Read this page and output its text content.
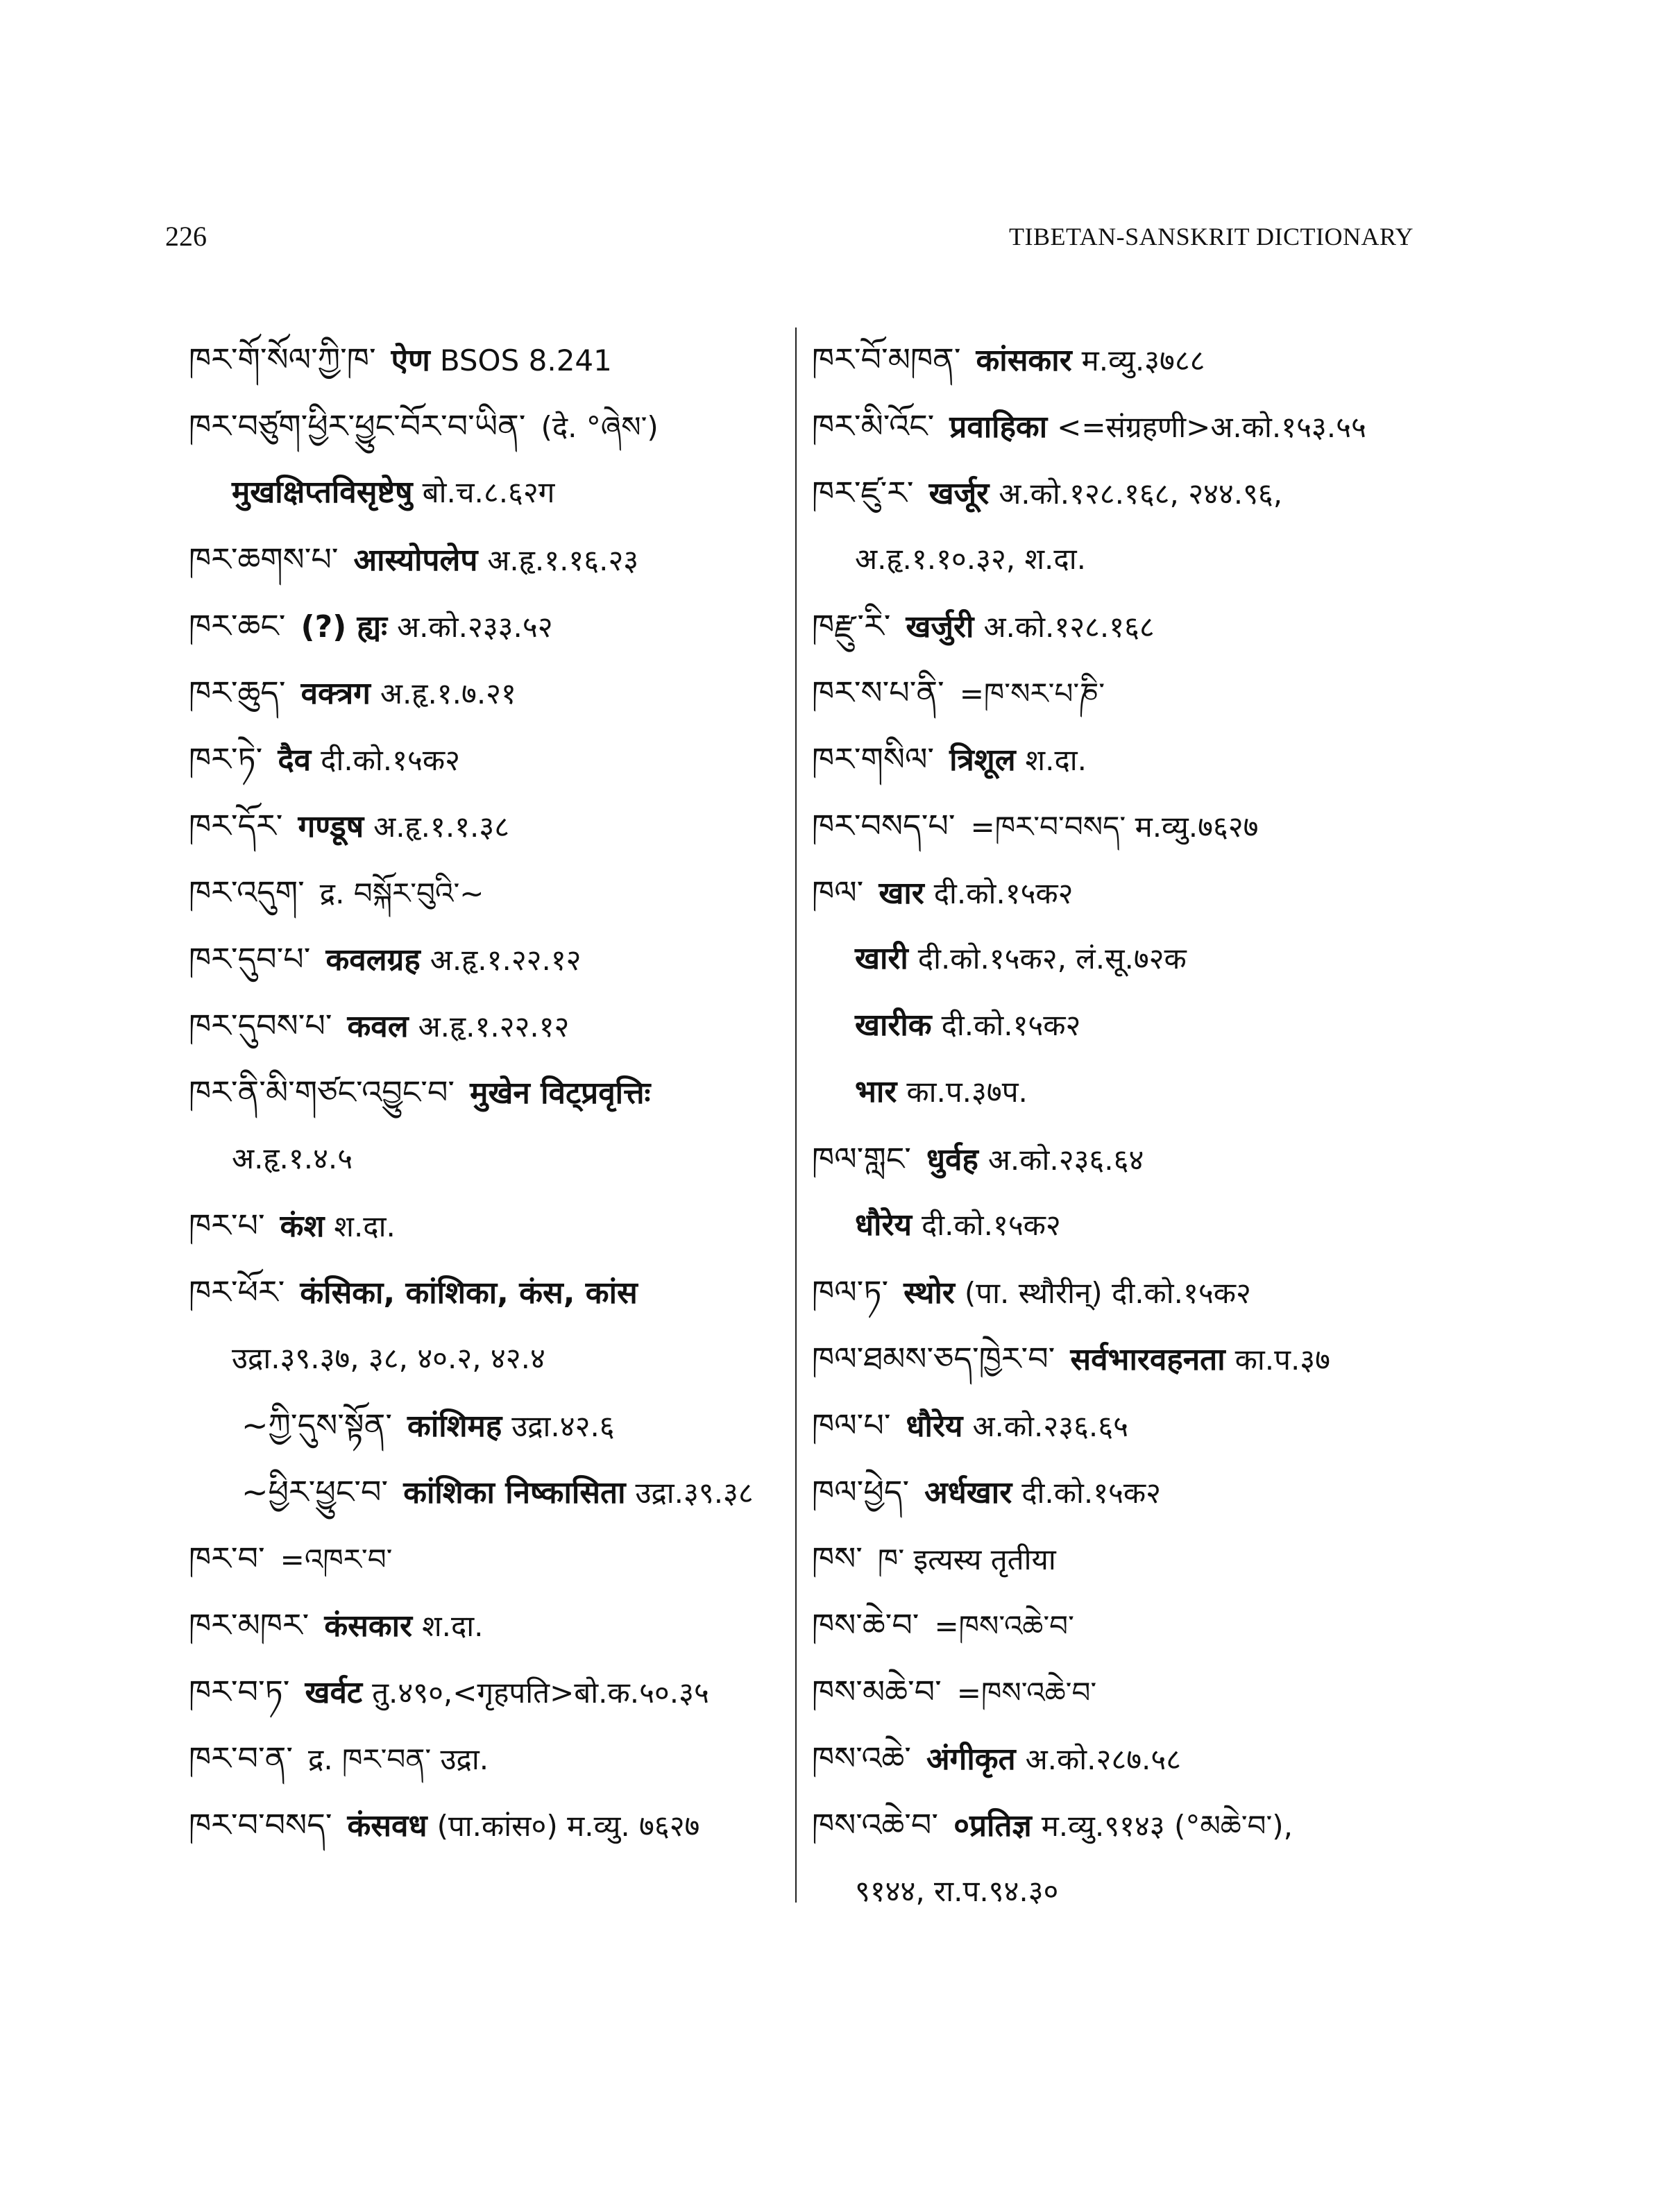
226	TIBETAN-SANSKRIT DICTIONARY
ཁར་གོ་སོལ་ཀྱི་ཁ་ ऐण BSOS 8.241
ཁར་བཙུག་ཕྱིར་ཕྱུང་བོར་བ་ཡིན་ (दे. °ཞེས་)
मुखक्षिप्तविसृष्टेषु बो.च.८.६२ग
ཁར་ཆགས་པ་ आस्योपलेप अ.हृ.१.१६.२३
ཁར་ཆང་ (?) ह्यः अ.को.२३३.५२
ཁར་ཆུད་ वक्त्रग अ.हृ.१.७.२१
ཁར་ཏེ་ दैव दी.को.१५क२
ཁར་དོར་ गण्डूष अ.हृ.१.१.३८
ཁར་འདུག་ द्र. བསྐོར་བུའི་~
ཁར་དུབ་པ་ कवलग्रह अ.हृ.१.२२.१२
ཁར་དུབས་པ་ कवल अ.हृ.१.२२.१२
ཁར་ནི་མི་གཙང་འབྱུང་བ་ मुखेन विट्प्रवृत्तिः
अ.हृ.१.४.५
ཁར་པ་ कंश श.दा.
ཁར་ཕོར་ कंसिका, कांशिका, कंस, कांस
उद्रा.३९.३७, ३८, ४०.२, ४२.४
~ཀྱི་དུས་སྟོན་ कांशिमह उद्रा.४२.६
~ཕྱིར་ཕྱུང་བ་ कांशिका निष्कासिता उद्रा.३९.३८
ཁར་བ་ =འཁར་བ་
ཁར་མཁར་ कंसकार श.दा.
ཁར་བ་ཏ་ खर्वट तु.४९०,<गृहपति>बो.क.५०.३५
ཁར་བ་ན་ द्र. ཁར་བན་ उद्रा.
ཁར་བ་བསད་ कंसवध (पा.कांस०) म.व्यु. ७६२७
ཁར་བོ་མཁན་ कांसकार म.व्यु.३७८८
ཁར་མི་འོང་ प्रवाहिका <=संग्रहणी>अ.को.१५३.५५
ཁར་ཛུ་ར་ खर्जूर अ.को.१२८.१६८, २४४.९६,
अ.हृ.१.१०.३२, श.दा.
ཁརྫུ་རི་ खर्जुरी अ.को.१२८.१६८
ཁར་ས་པ་ནི་ =ཁ་སར་པ་ཎི་
ཁར་གསིལ་ त्रिशूल श.दा.
ཁར་བསད་པ་ =ཁར་བ་བསད་ म.व्यु.७६२७
ཁལ་ खार दी.को.१५क२
खारी दी.को.१५क२, लं.सू.७२क
खारीक दी.को.१५क२
भार का.प.३७प.
ཁལ་གླང་ धुर्वह अ.को.२३६.६४
धौरेय दी.को.१५क२
ཁལ་ཏ་ स्थोर (पा. स्थौरीन्) दी.को.१५क२
ཁལ་ཐམས་ཅད་ཁྱེར་བ་ सर्वभारवहनता का.प.३७
ཁལ་པ་ धौरेय अ.को.२३६.६५
ཁལ་ཕྱེད་ अर्धखार दी.को.१५क२
ཁས་ ཁ་ इत्यस्य तृतीया
ཁས་ཆེ་བ་ =ཁས་འཆེ་བ་
ཁས་མཆེ་བ་ =ཁས་འཆེ་བ་
ཁས་འཆེ་ अंगीकृत अ.को.२८७.५८
ཁས་འཆེ་བ་ ०प्रतिज्ञ म.व्यु.९१४३ (°མཆེ་བ་),
९१४४, रा.प.९४.३०
